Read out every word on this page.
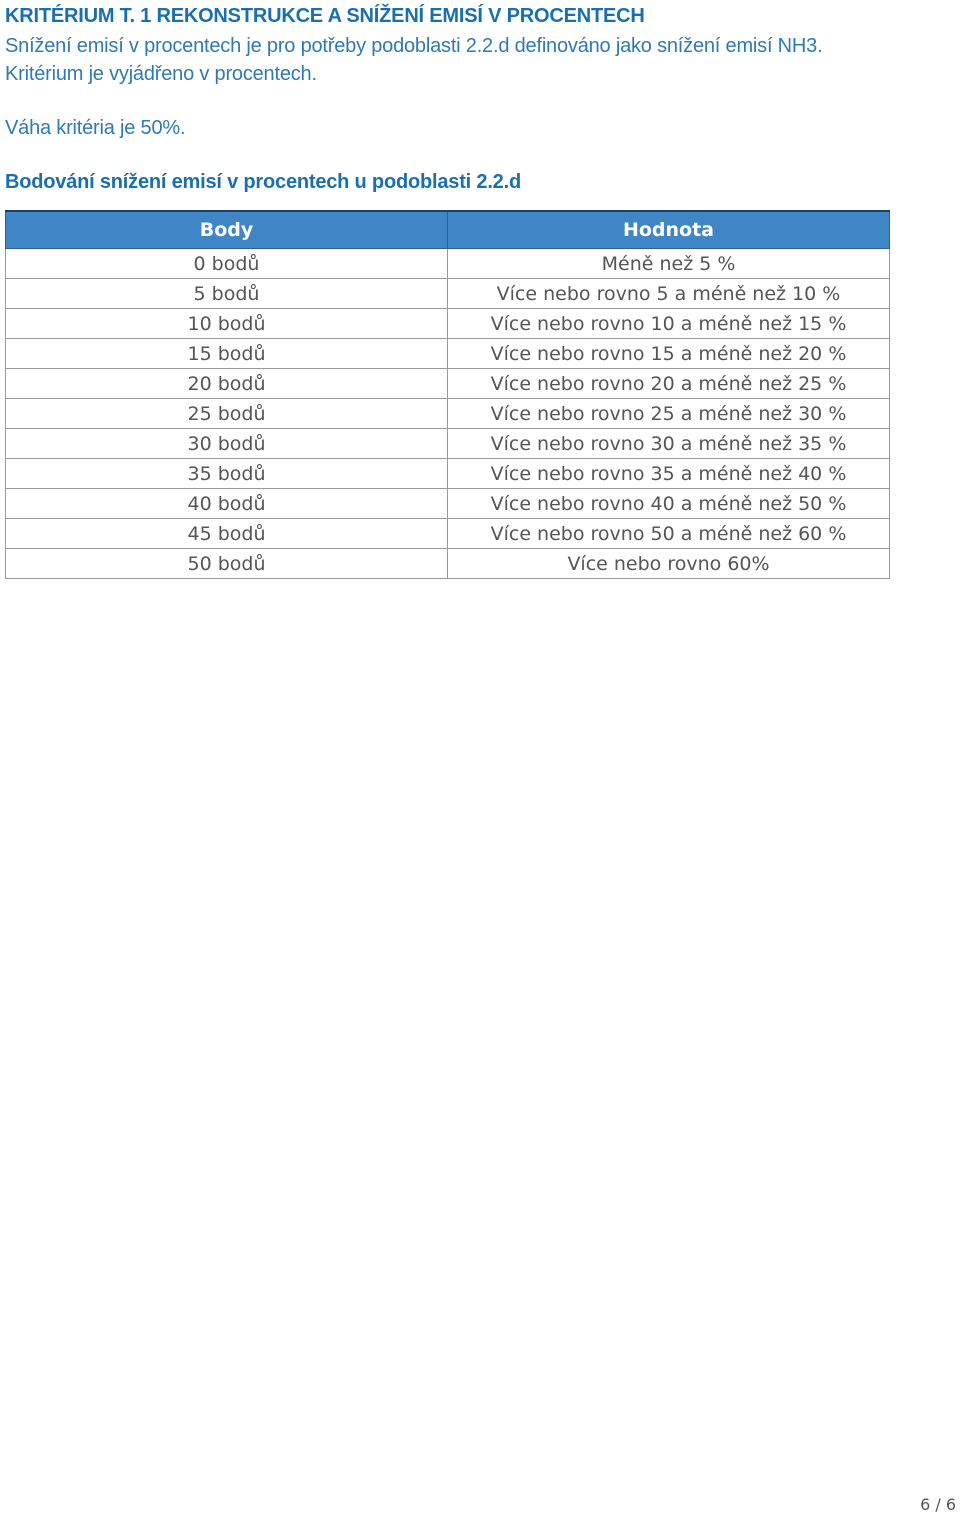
KRITÉRIUM T. 1 REKONSTRUKCE A SNÍŽENÍ EMISÍ V PROCENTECH
Snížení emisí v procentech je pro potřeby podoblasti 2.2.d definováno jako snížení emisí NH3.
Kritérium je vyjádřeno v procentech.
Váha kritéria je 50%.
Bodování snížení emisí v procentech u podoblasti 2.2.d
Body	Hodnota
0 bodů	Méně než 5 %
5 bodů	Více nebo rovno 5 a méně než 10 %
10 bodů	Více nebo rovno 10 a méně než 15 %
15 bodů	Více nebo rovno 15 a méně než 20 %
20 bodů	Více nebo rovno 20 a méně než 25 %
25 bodů	Více nebo rovno 25 a méně než 30 %
30 bodů	Více nebo rovno 30 a méně než 35 %
35 bodů	Více nebo rovno 35 a méně než 40 %
40 bodů	Více nebo rovno 40 a méně než 50 %
45 bodů	Více nebo rovno 50 a méně než 60 %
50 bodů	Více nebo rovno 60%
6 / 6
